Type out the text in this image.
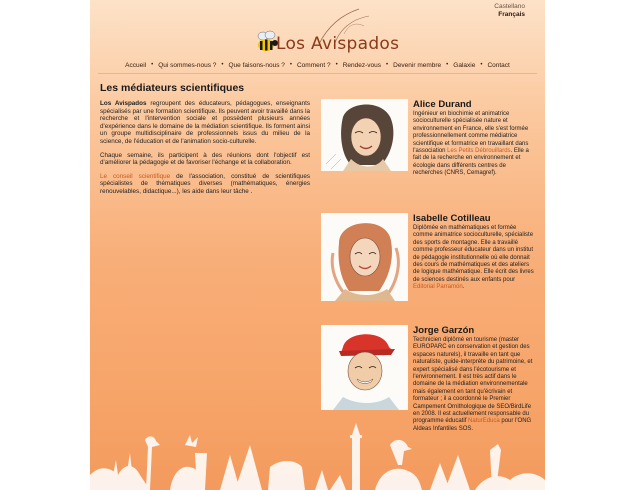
Castellano
Français
Los Avispados
Accueil • Qui sommes-nous ? • Que faisons-nous ? • Comment ? • Rendez-vous • Devenir membre • Galaxie • Contact
Les médiateurs scientifiques

Los Avispados regroupent des éducateurs, pédagogues, enseignants spécialisés par une formation scientifique. Ils peuvent avoir travaillé dans la recherche et l'intervention sociale et possèdent plusieurs années d'expérience dans le domaine de la médiation scientifique. Ils forment ainsi un groupe multidisciplinaire de professionnels issus du milieu de la science, de l'éducation et de l'animation socio-culturelle.

Chaque semaine, ils participent à des réunions dont l'objectif est d'améliorer la pédagogie et de favoriser l'échange et la collaboration.

Le conseil scientifique de l'association, constitué de scientifiques spécialistes de thématiques diverses (mathématiques, énergies renouvelables, didactique...), les aide dans leur tâche .

Alice Durand

Ingénieur en biochimie et animatrice socioculturelle spécialisée nature et environnement en France, elle s'est formée professionnellement comme médiatrice scientifique et formatrice en travaillant dans l'association Les Petits Débrouillards. Elle a fait de la recherche en environnement et écologie dans différents centres de recherches (CNRS, Cemagref).

Isabelle Cotilleau

Diplômée en mathématiques et formée comme animatrice socioculturelle, spécialiste des sports de montagne. Elle a travaillé comme professeur éducateur dans un institut de pédagogie institutionnelle où elle donnait des cours de mathématiques et des ateliers de logique mathématique. Elle écrit des livres de sciences destinés aux enfants pour Editorial Parramón.

Jorge Garzón

Technicien diplômé en tourisme (master EUROPARC en conservation et gestion des espaces naturels), il travaille en tant que naturaliste, guide-interprète du patrimoine, et expert spécialisé dans l'écotourisme et l'environnement. Il est très actif dans le domaine de la médiation environnementale mais également en tant qu'écrivain et formateur ; il a coordonné le Premier Campement Ornithologique de SEO/BirdLife en 2008. Il est actuellement responsable du programme éducatif NaturEduca pour l'ONG Aldeas Infantiles SOS.
